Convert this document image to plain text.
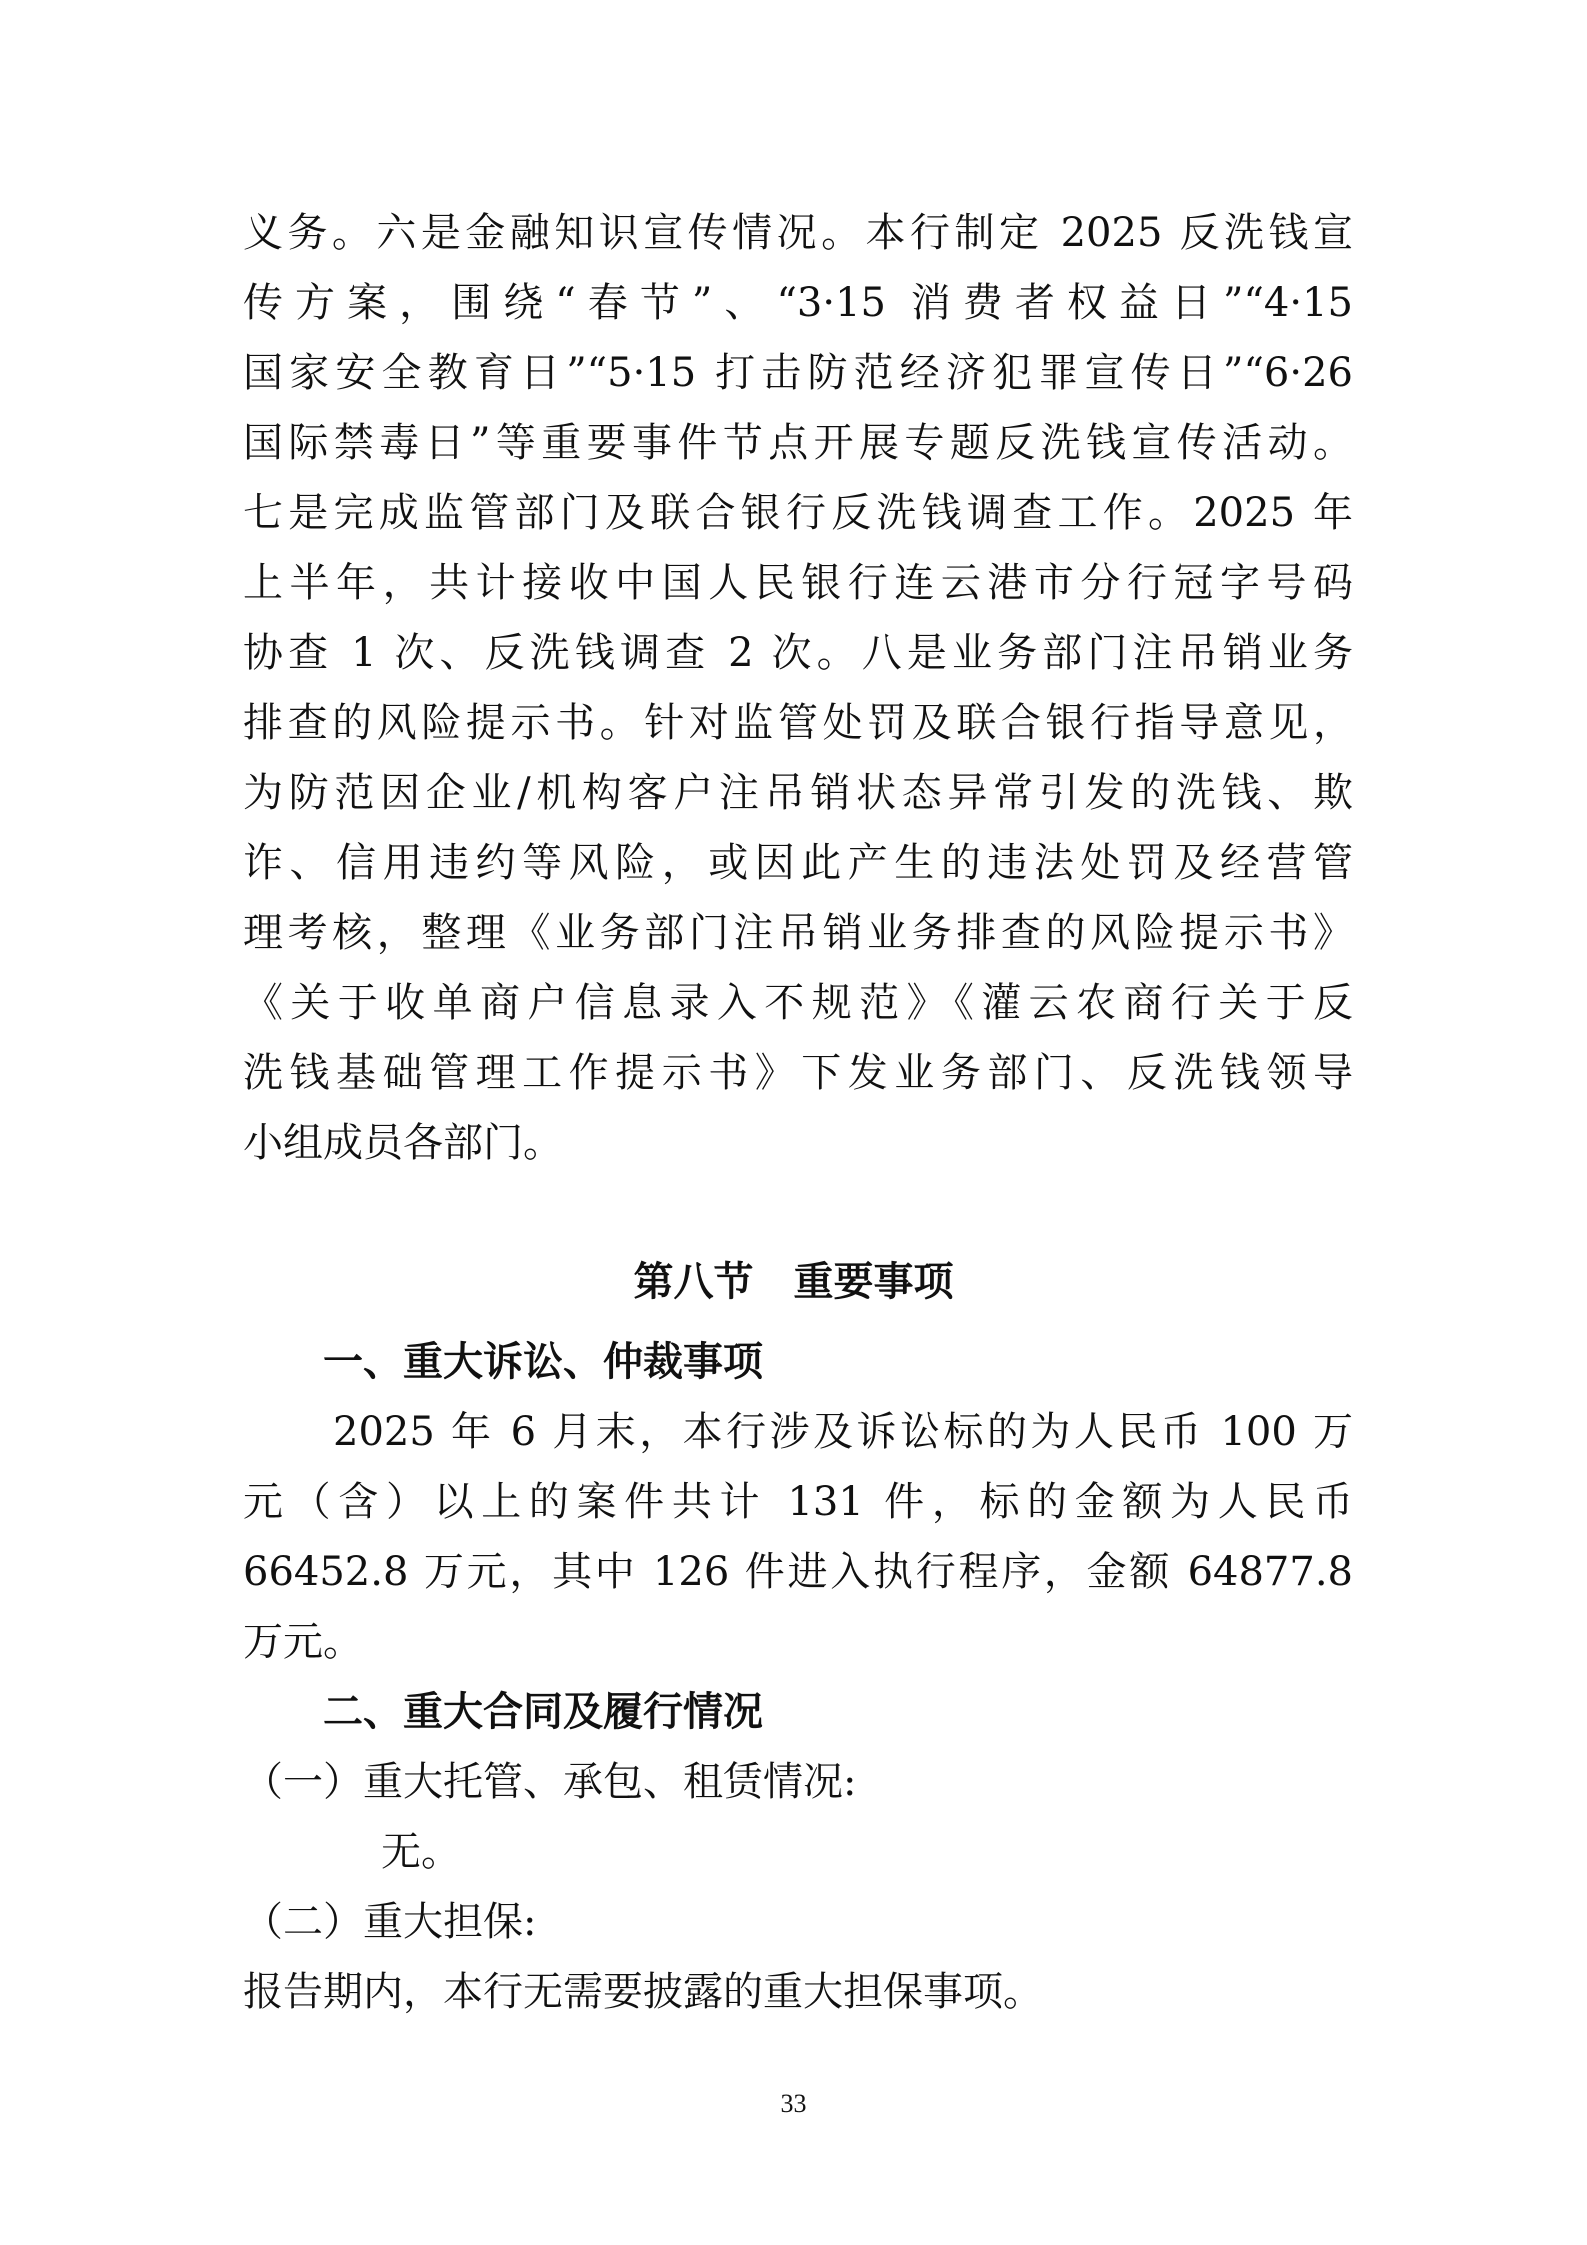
义务。六是金融知识宣传情况。本行制定 2025 反洗钱宣
传方案，围绕“春节”、“3·15 消费者权益日”“4·15
国家安全教育日”“5·15 打击防范经济犯罪宣传日”“6·26
国际禁毒日”等重要事件节点开展专题反洗钱宣传活动。
七是完成监管部门及联合银行反洗钱调查工作。2025 年
上半年，共计接收中国人民银行连云港市分行冠字号码
协查 1 次、反洗钱调查 2 次。八是业务部门注吊销业务
排查的风险提示书。针对监管处罚及联合银行指导意见，
为防范因企业/机构客户注吊销状态异常引发的洗钱、欺
诈、信用违约等风险，或因此产生的违法处罚及经营管
理考核，整理《业务部门注吊销业务排查的风险提示书》
《关于收单商户信息录入不规范》《灌云农商行关于反
洗钱基础管理工作提示书》下发业务部门、反洗钱领导
小组成员各部门。
第八节　重要事项
一、重大诉讼、仲裁事项
2025 年 6 月末，本行涉及诉讼标的为人民币 100 万
元（含）以上的案件共计 131 件，标的金额为人民币
66452.8 万元，其中 126 件进入执行程序，金额 64877.8
万元。
二、重大合同及履行情况
（一）重大托管、承包、租赁情况:
无。
（二）重大担保:
报告期内，本行无需要披露的重大担保事项。
33
